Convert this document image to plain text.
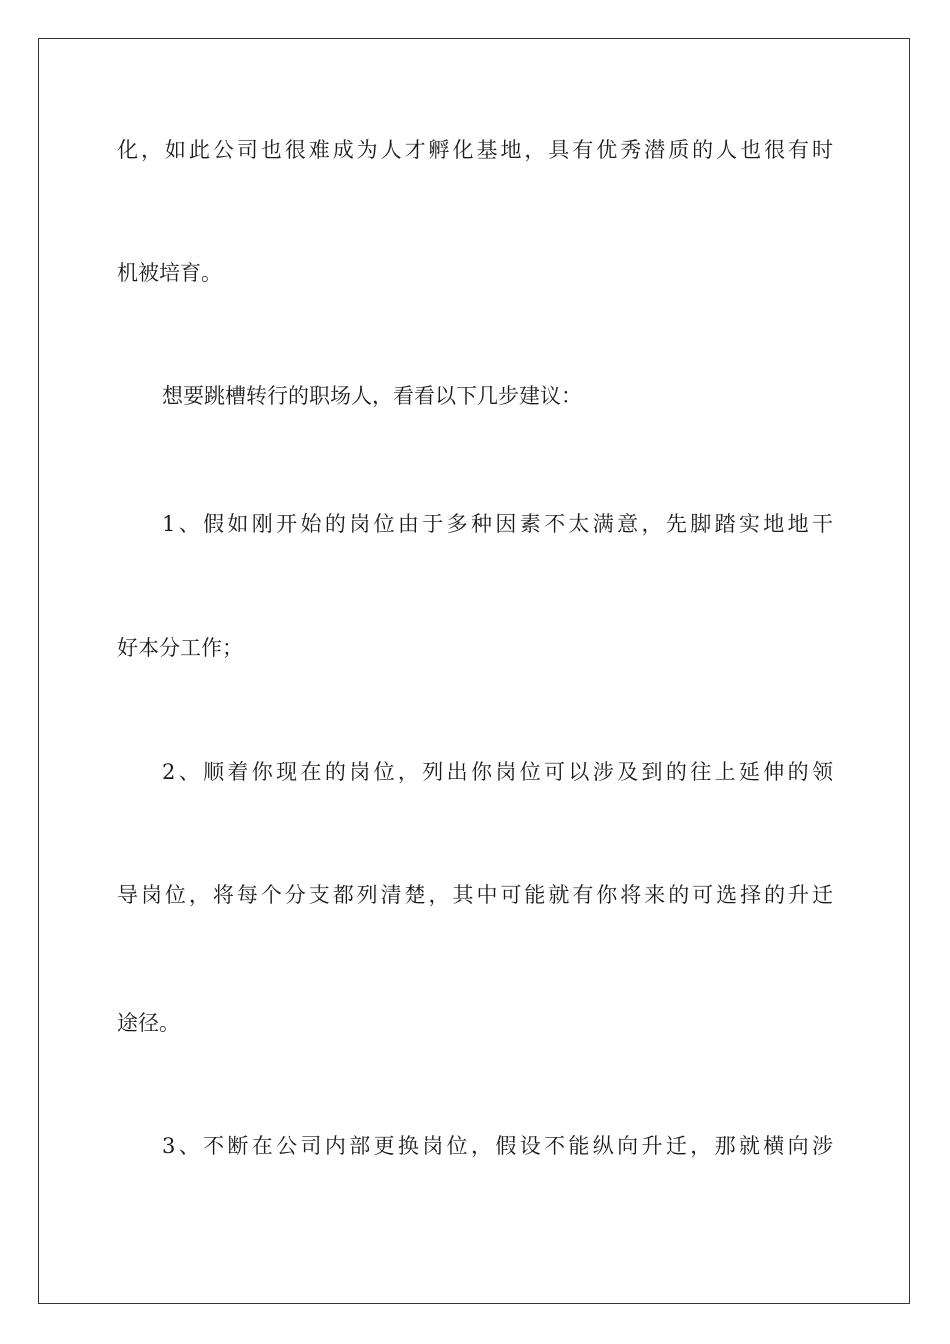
化，如此公司也很难成为人才孵化基地，具有优秀潜质的人也很有时
机被培育。
想要跳槽转行的职场人，看看以下几步建议：
1、假如刚开始的岗位由于多种因素不太满意，先脚踏实地地干
好本分工作；
2、顺着你现在的岗位，列出你岗位可以涉及到的往上延伸的领
导岗位，将每个分支都列清楚，其中可能就有你将来的可选择的升迁
途径。
3、不断在公司内部更换岗位，假设不能纵向升迁，那就横向涉
